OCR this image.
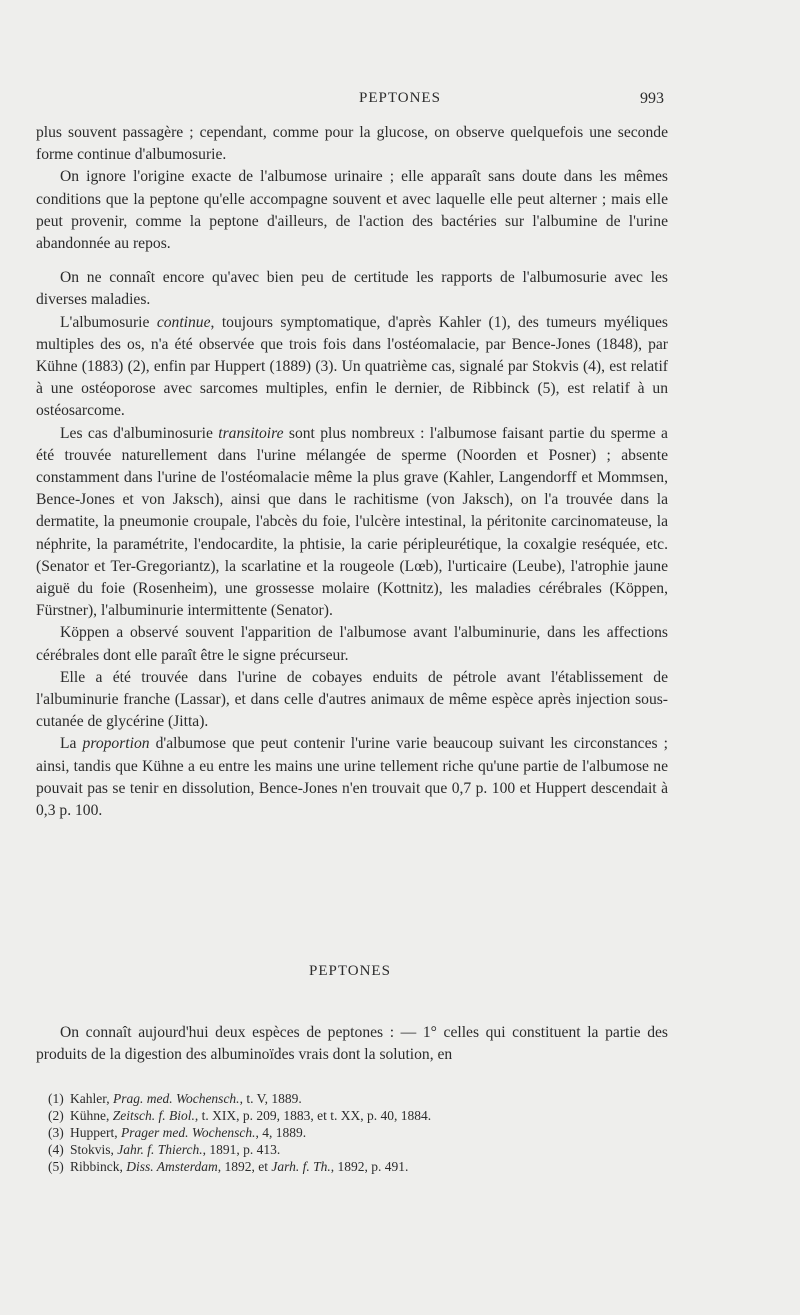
PEPTONES	993

plus souvent passagère ; cependant, comme pour la glucose, on observe quelquefois une seconde forme continue d'albumosurie.

On ignore l'origine exacte de l'albumose urinaire ; elle apparaît sans doute dans les mêmes conditions que la peptone qu'elle accompagne souvent et avec laquelle elle peut alterner ; mais elle peut provenir, comme la peptone d'ailleurs, de l'action des bactéries sur l'albumine de l'urine abandonnée au repos.

On ne connaît encore qu'avec bien peu de certitude les rapports de l'albumosurie avec les diverses maladies.

L'albumosurie continue, toujours symptomatique, d'après Kahler (1), des tumeurs myéliques multiples des os, n'a été observée que trois fois dans l'ostéomalacie, par Bence-Jones (1848), par Kühne (1883) (2), enfin par Huppert (1889) (3). Un quatrième cas, signalé par Stokvis (4), est relatif à une ostéoporose avec sarcomes multiples, enfin le dernier, de Ribbinck (5), est relatif à un ostéosarcome.

Les cas d'albuminosurie transitoire sont plus nombreux : l'albumose faisant partie du sperme a été trouvée naturellement dans l'urine mélangée de sperme (Noorden et Posner) ; absente constamment dans l'urine de l'ostéomalacie même la plus grave (Kahler, Langendorff et Mommsen, Bence-Jones et von Jaksch), ainsi que dans le rachitisme (von Jaksch), on l'a trouvée dans la dermatite, la pneumonie croupale, l'abcès du foie, l'ulcère intestinal, la péritonite carcinomateuse, la néphrite, la paramétrite, l'endocardite, la phtisie, la carie péripleurétique, la coxalgie reséquée, etc. (Senator et Ter-Gregoriantz), la scarlatine et la rougeole (Lœb), l'urticaire (Leube), l'atrophie jaune aiguë du foie (Rosenheim), une grossesse molaire (Kottnitz), les maladies cérébrales (Köppen, Fürstner), l'albuminurie intermittente (Senator).

Köppen a observé souvent l'apparition de l'albumose avant l'albuminurie, dans les affections cérébrales dont elle paraît être le signe précurseur.

Elle a été trouvée dans l'urine de cobayes enduits de pétrole avant l'établissement de l'albuminurie franche (Lassar), et dans celle d'autres animaux de même espèce après injection sous-cutanée de glycérine (Jitta).

La proportion d'albumose que peut contenir l'urine varie beaucoup suivant les circonstances ; ainsi, tandis que Kühne a eu entre les mains une urine tellement riche qu'une partie de l'albumose ne pouvait pas se tenir en dissolution, Bence-Jones n'en trouvait que 0,7 p. 100 et Huppert descendait à 0,3 p. 100.

PEPTONES

On connaît aujourd'hui deux espèces de peptones : — 1° celles qui constituent la partie des produits de la digestion des albuminoïdes vrais dont la solution, en

(1) Kahler, Prag. med. Wochensch., t. V, 1889.
(2) Kühne, Zeitsch. f. Biol., t. XIX, p. 209, 1883, et t. XX, p. 40, 1884.
(3) Huppert, Prager med. Wochensch., 4, 1889.
(4) Stokvis, Jahr. f. Thierch., 1891, p. 413.
(5) Ribbinck, Diss. Amsterdam, 1892, et Jarh. f. Th., 1892, p. 491.
